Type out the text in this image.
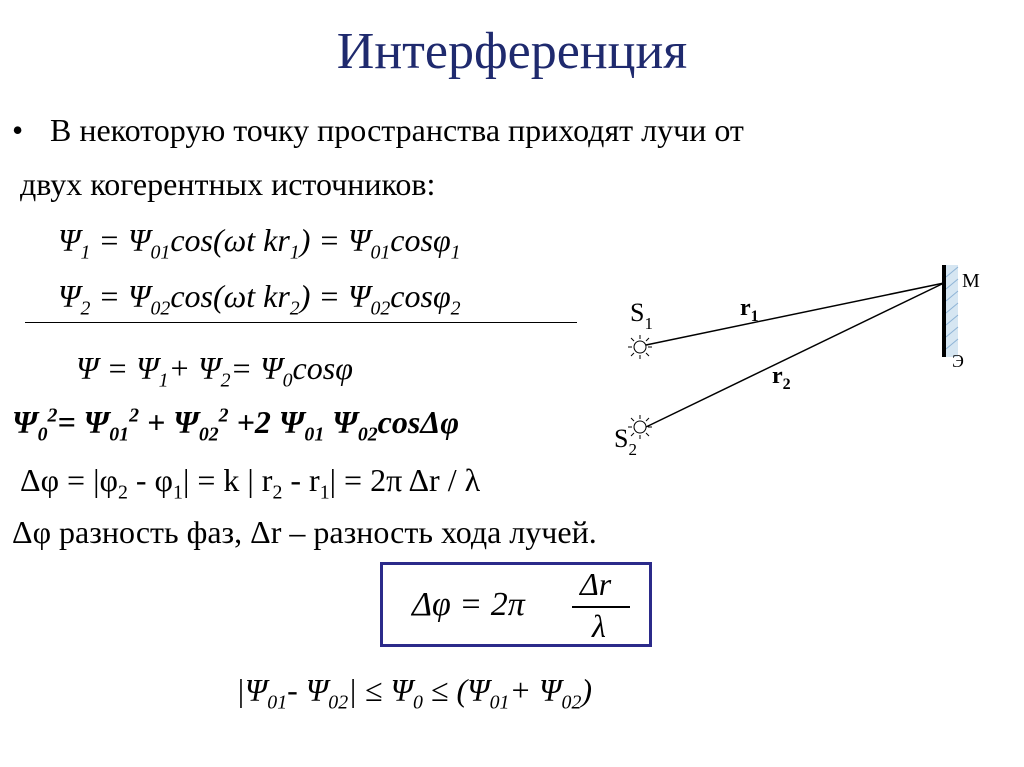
Интерференция
• В некоторую точку пространства приходят лучи от
двух когерентных источников:
$\Psi_1 = \Psi_{01}\cos(\omega t$ $kr_1) = \Psi_{01}\cos\varphi_1$
$\Psi_2 = \Psi_{02}\cos(\omega t$ $kr_2) = \Psi_{02}\cos\varphi_2$
$\Psi = \Psi_1+ \Psi_2= \Psi_0\cos\varphi$
$\Psi_0^2= \Psi_{01}^2 + \Psi_{02}^2 +2$ $\Psi_{01}$ $\Psi_{02}\cos\Delta\varphi$
$\Delta\varphi = |\varphi_2 - \varphi_1| = k$ | $r_2 - r_1| = 2\pi$ Δr / λ
Δφ разность фаз, Δr – разность хода лучей.
Δφ = 2π
Δr
λ
$|\Psi_{01}-$ $\Psi_{02}| \le \Psi_0 \le (\Psi_{01}+ \Psi_{02})$
$S_1$
$S_2$
$r_1$
$r_2$
M
Э
